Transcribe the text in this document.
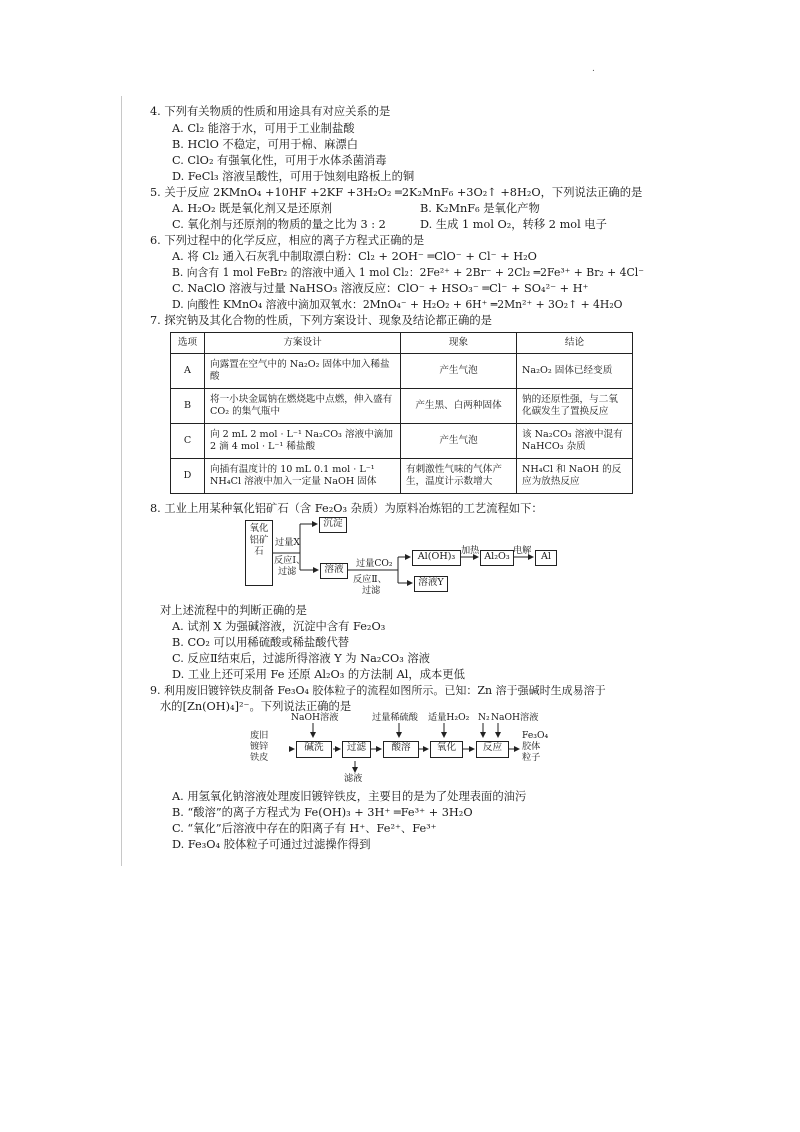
.
4. 下列有关物质的性质和用途具有对应关系的是
A. Cl₂ 能溶于水，可用于工业制盐酸
B. HClO 不稳定，可用于棉、麻漂白
C. ClO₂ 有强氧化性，可用于水体杀菌消毒
D. FeCl₃ 溶液呈酸性，可用于蚀刻电路板上的铜
5. 关于反应 2KMnO₄ +10HF +2KF +3H₂O₂ ═2K₂MnF₆ +3O₂↑ +8H₂O，下列说法正确的是
A. H₂O₂ 既是氧化剂又是还原剂	B. K₂MnF₆ 是氧化产物
C. 氧化剂与还原剂的物质的量之比为 3 : 2	D. 生成 1 mol O₂，转移 2 mol 电子
6. 下列过程中的化学反应，相应的离子方程式正确的是
A. 将 Cl₂ 通入石灰乳中制取漂白粉：Cl₂ + 2OH⁻ ═ClO⁻ + Cl⁻ + H₂O
B. 向含有 1 mol FeBr₂ 的溶液中通入 1 mol Cl₂：2Fe²⁺ + 2Br⁻ + 2Cl₂ ═2Fe³⁺ + Br₂ + 4Cl⁻
C. NaClO 溶液与过量 NaHSO₃ 溶液反应：ClO⁻ + HSO₃⁻ ═Cl⁻ + SO₄²⁻ + H⁺
D. 向酸性 KMnO₄ 溶液中滴加双氧水：2MnO₄⁻ + H₂O₂ + 6H⁺ ═2Mn²⁺ + 3O₂↑ + 4H₂O
7. 探究钠及其化合物的性质，下列方案设计、现象及结论都正确的是
选项	方案设计	现象	结论
A	向露置在空气中的 Na₂O₂ 固体中加入稀盐酸	产生气泡	Na₂O₂ 固体已经变质
B	将一小块金属钠在燃烧匙中点燃，伸入盛有 CO₂ 的集气瓶中	产生黑、白两种固体	钠的还原性强，与二氧化碳发生了置换反应
C	向 2 mL 2 mol · L⁻¹ Na₂CO₃ 溶液中滴加 2 滴 4 mol · L⁻¹ 稀盐酸	产生气泡	该 Na₂CO₃ 溶液中混有 NaHCO₃ 杂质
D	向插有温度计的 10 mL 0.1 mol · L⁻¹ NH₄Cl 溶液中加入一定量 NaOH 固体	有刺激性气味的气体产生，温度计示数增大	NH₄Cl 和 NaOH 的反应为放热反应
8. 工业上用某种氧化铝矿石（含 Fe₂O₃ 杂质）为原料冶炼铝的工艺流程如下：
氧化铝矿石
沉淀
溶液
Al(OH)₃	Al₂O₃	Al
溶液Y
过量X
反应Ⅰ、
过滤
过量CO₂
反应Ⅱ、
过滤
加热	电解
对上述流程中的判断正确的是
A. 试剂 X 为强碱溶液，沉淀中含有 Fe₂O₃
B. CO₂ 可以用稀硫酸或稀盐酸代替
C. 反应Ⅱ结束后，过滤所得溶液 Y 为 Na₂CO₃ 溶液
D. 工业上还可采用 Fe 还原 Al₂O₃ 的方法制 Al，成本更低
9. 利用废旧镀锌铁皮制备 Fe₃O₄ 胶体粒子的流程如图所示。已知：Zn 溶于强碱时生成易溶于
水的[Zn(OH)₄]²⁻。下列说法正确的是
废旧
镀锌
铁皮
NaOH溶液	过量稀硫酸 适量H₂O₂ N₂ NaOH溶液
碱洗	过滤	酸溶	氧化	反应
滤液
Fe₃O₄
胶体
粒子
A. 用氢氧化钠溶液处理废旧镀锌铁皮，主要目的是为了处理表面的油污
B. “酸溶”的离子方程式为 Fe(OH)₃ + 3H⁺ ═Fe³⁺ + 3H₂O
C. “氧化”后溶液中存在的阳离子有 H⁺、Fe²⁺、Fe³⁺
D. Fe₃O₄ 胶体粒子可通过过滤操作得到
